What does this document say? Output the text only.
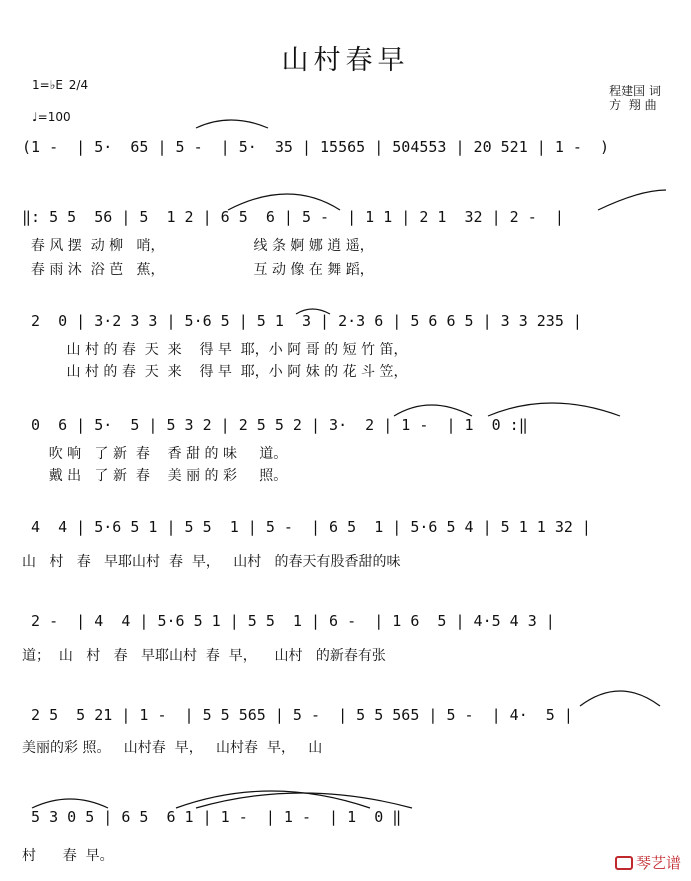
山村春早
1=♭E 2/4
♩=100
程建国 词
方  翔 曲
(1 -  | 5·  65 | 5 -  | 5·  35 | 15565 | 504553 | 20 521 | 1 -  )
‖: 5 5  56 | 5  1 2 | 6 5  6 | 5 -  | 1 1 | 2 1  32 | 2 -  |
春 风 摆  动 柳   哨，                    线 条 婀 娜 逍 遥，
春 雨 沐  浴 芭   蕉，                    互 动 像 在 舞 蹈，
2  0 | 3·2 3 3 | 5·6 5 | 5 1  3 | 2·3 6 | 5 6 6 5 | 3 3 235 |
山 村 的 春  天  来    得 早  耶，小 阿 哥 的 短 竹 笛，
山 村 的 春  天  来    得 早  耶，小 阿 妹 的 花 斗 笠，
0  6 | 5·  5 | 5 3 2 | 2 5 5 2 | 3·  2 | 1 -  | 1  0 :‖
吹 响   了 新  春    香 甜 的 味     道。
戴 出   了 新  春    美 丽 的 彩     照。
4  4 | 5·6 5 1 | 5 5  1 | 5 -  | 6 5  1 | 5·6 5 4 | 5 1 1 32 |
山   村   春   早耶山村  春  早，   山村   的春天有股香甜的味
2 -  | 4  4 | 5·6 5 1 | 5 5  1 | 6 -  | 1 6  5 | 4·5 4 3 |
道；  山   村   春   早耶山村  春  早，    山村   的新春有张
2 5  5 21 | 1 -  | 5 5 565 | 5 -  | 5 5 565 | 5 -  | 4·  5 |
美丽的彩 照。   山村春  早，   山村春  早，   山
5 3 0 5 | 6 5  6 1 | 1 -  | 1 -  | 1  0 ‖
村      春  早。	琴艺谱
